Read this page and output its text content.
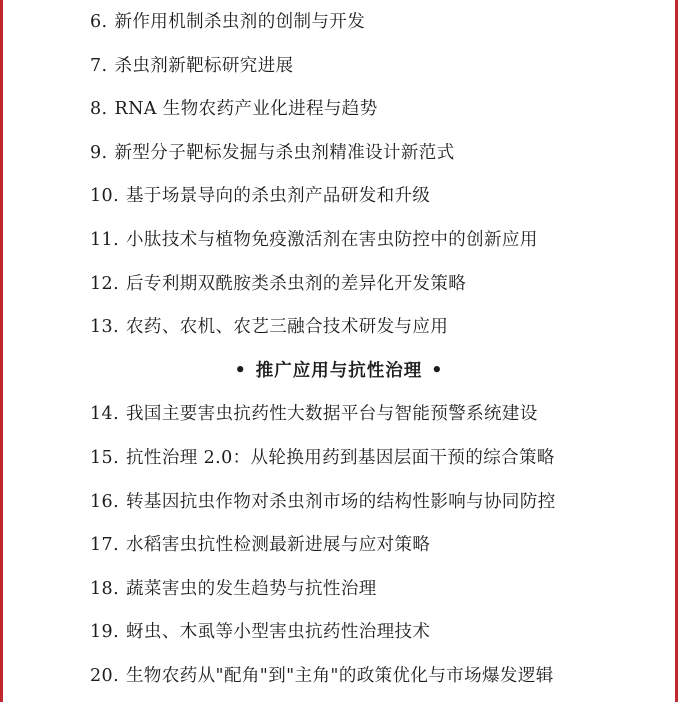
6. 新作用机制杀虫剂的创制与开发
7. 杀虫剂新靶标研究进展
8. RNA 生物农药产业化进程与趋势
9. 新型分子靶标发掘与杀虫剂精准设计新范式
10. 基于场景导向的杀虫剂产品研发和升级
11. 小肽技术与植物免疫激活剂在害虫防控中的创新应用
12. 后专利期双酰胺类杀虫剂的差异化开发策略
13. 农药、农机、农艺三融合技术研发与应用
• 推广应用与抗性治理 •
14. 我国主要害虫抗药性大数据平台与智能预警系统建设
15. 抗性治理 2.0：从轮换用药到基因层面干预的综合策略
16. 转基因抗虫作物对杀虫剂市场的结构性影响与协同防控
17. 水稻害虫抗性检测最新进展与应对策略
18. 蔬菜害虫的发生趋势与抗性治理
19. 蚜虫、木虱等小型害虫抗药性治理技术
20. 生物农药从"配角"到"主角"的政策优化与市场爆发逻辑
